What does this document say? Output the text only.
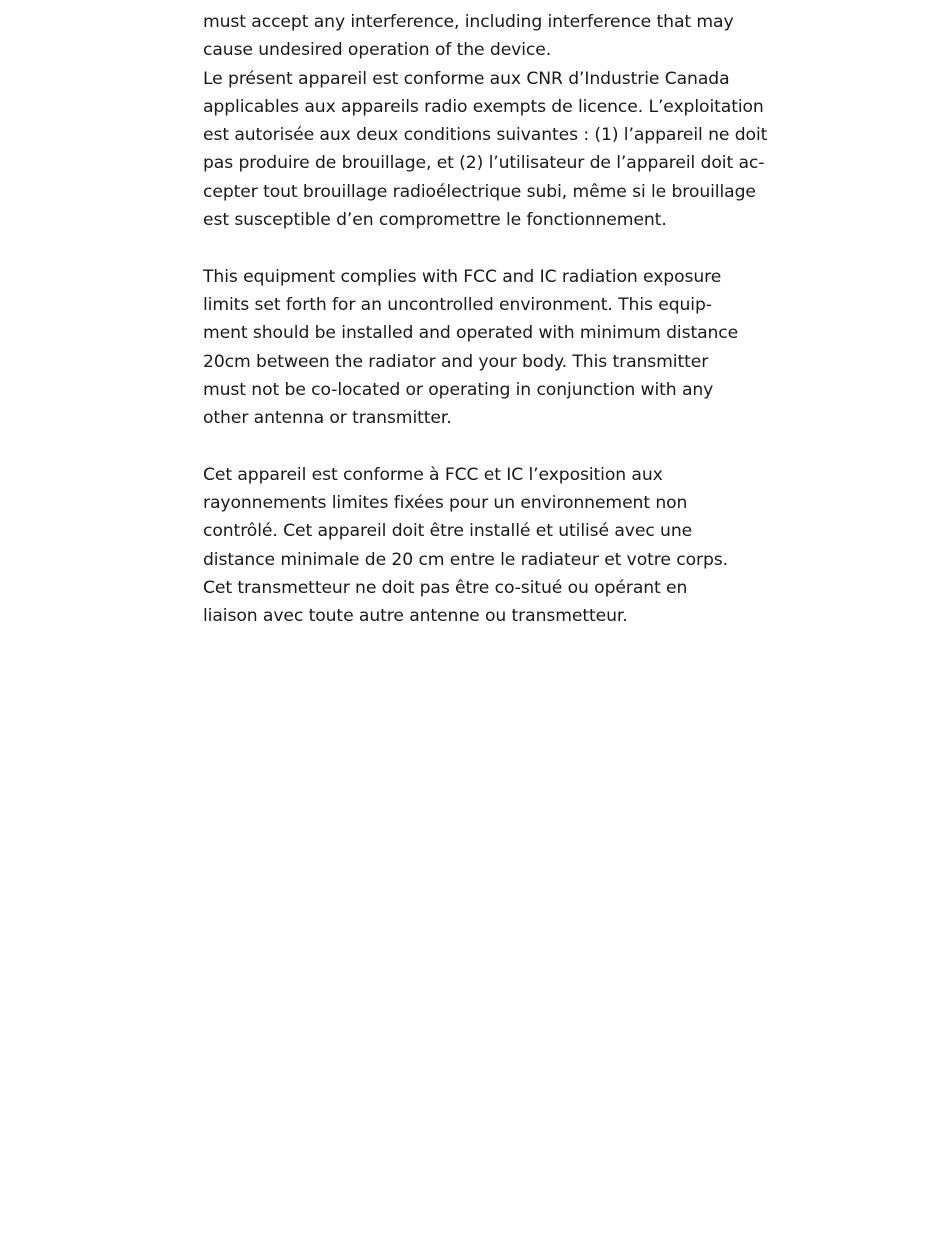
must accept any interference, including interference that may
cause undesired operation of the device.
Le présent appareil est conforme aux CNR d’Industrie Canada
applicables aux appareils radio exempts de licence. L’exploitation
est autorisée aux deux conditions suivantes : (1) l’appareil ne doit
pas produire de brouillage, et (2) l’utilisateur de l’appareil doit ac-
cepter tout brouillage radioélectrique subi, même si le brouillage
est susceptible d’en compromettre le fonctionnement.
This equipment complies with FCC and IC radiation exposure
limits set forth for an uncontrolled environment. This equip-
ment should be installed and operated with minimum distance
20cm between the radiator and your body. This transmitter
must not be co-located or operating in conjunction with any
other antenna or transmitter.
Cet appareil est conforme à FCC et IC l’exposition aux
rayonnements limites fixées pour un environnement non
contrôlé. Cet appareil doit être installé et utilisé avec une
distance minimale de 20 cm entre le radiateur et votre corps.
Cet transmetteur ne doit pas être co-situé ou opérant en
liaison avec toute autre antenne ou transmetteur.
